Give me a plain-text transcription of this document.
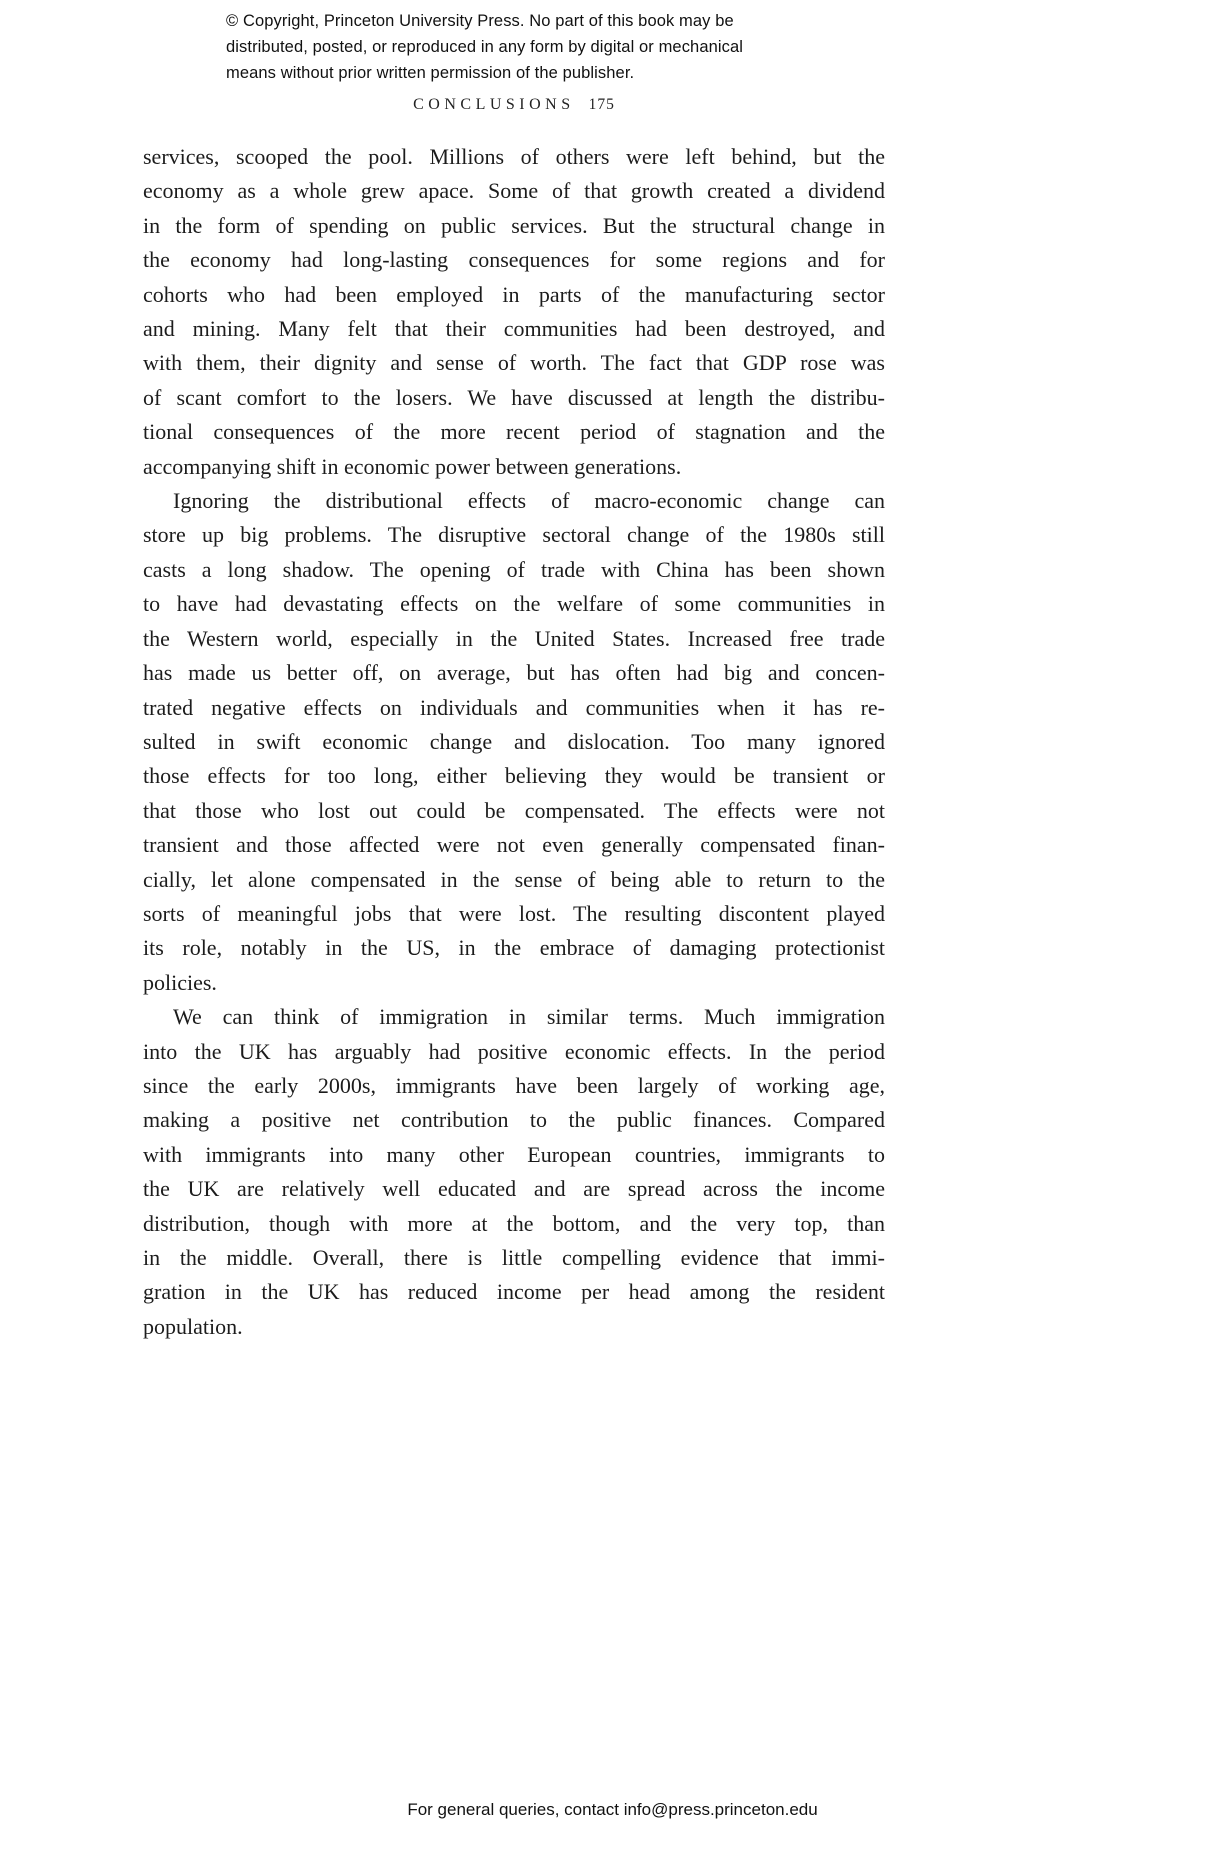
© Copyright, Princeton University Press. No part of this book may be
distributed, posted, or reproduced in any form by digital or mechanical
means without prior written permission of the publisher.
CONCLUSIONS 175
services, scooped the pool. Millions of others were left behind, but the
economy as a whole grew apace. Some of that growth created a dividend
in the form of spending on public services. But the structural change in
the economy had long-lasting consequences for some regions and for
cohorts who had been employed in parts of the manufacturing sector
and mining. Many felt that their communities had been destroyed, and
with them, their dignity and sense of worth. The fact that GDP rose was
of scant comfort to the losers. We have discussed at length the distribu-
tional consequences of the more recent period of stagnation and the
accompanying shift in economic power between generations.
Ignoring the distributional effects of macro-economic change can
store up big problems. The disruptive sectoral change of the 1980s still
casts a long shadow. The opening of trade with China has been shown
to have had devastating effects on the welfare of some communities in
the Western world, especially in the United States. Increased free trade
has made us better off, on average, but has often had big and concen-
trated negative effects on individuals and communities when it has re-
sulted in swift economic change and dislocation. Too many ignored
those effects for too long, either believing they would be transient or
that those who lost out could be compensated. The effects were not
transient and those affected were not even generally compensated finan-
cially, let alone compensated in the sense of being able to return to the
sorts of meaningful jobs that were lost. The resulting discontent played
its role, notably in the US, in the embrace of damaging protectionist
policies.
We can think of immigration in similar terms. Much immigration
into the UK has arguably had positive economic effects. In the period
since the early 2000s, immigrants have been largely of working age,
making a positive net contribution to the public finances. Compared
with immigrants into many other European countries, immigrants to
the UK are relatively well educated and are spread across the income
distribution, though with more at the bottom, and the very top, than
in the middle. Overall, there is little compelling evidence that immi-
gration in the UK has reduced income per head among the resident
population.
For general queries, contact info@press.princeton.edu
